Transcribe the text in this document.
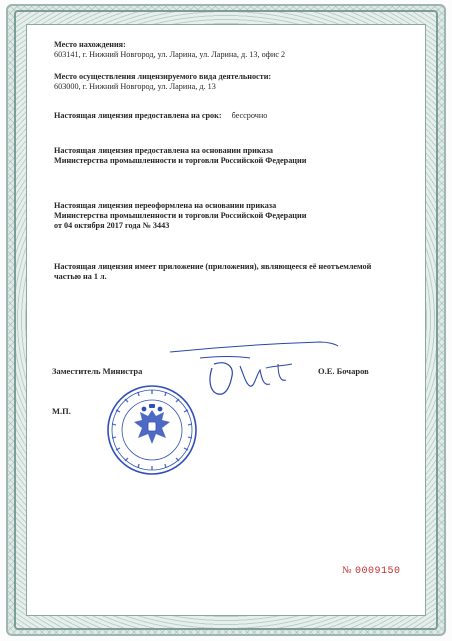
Место нахождения:
603141, г. Нижний Новгород, ул. Ларина, ул. Ларина, д. 13, офис 2
Место осуществления лицензируемого вида деятельности:
603000, г. Нижний Новгород, ул. Ларина, д. 13
Настоящая лицензия предоставлена на срок: бессрочно
Настоящая лицензия предоставлена на основании приказа
Министерства промышленности и торговли Российской Федерации
Настоящая лицензия переоформлена на основании приказа
Министерства промышленности и торговли Российской Федерации
от 04 октября 2017 года № 3443
Настоящая лицензия имеет приложение (приложения), являющееся её неотъемлемой
частью на 1 л.
Заместитель Министра	О.Е. Бочаров
М.П.
№ 0009150
